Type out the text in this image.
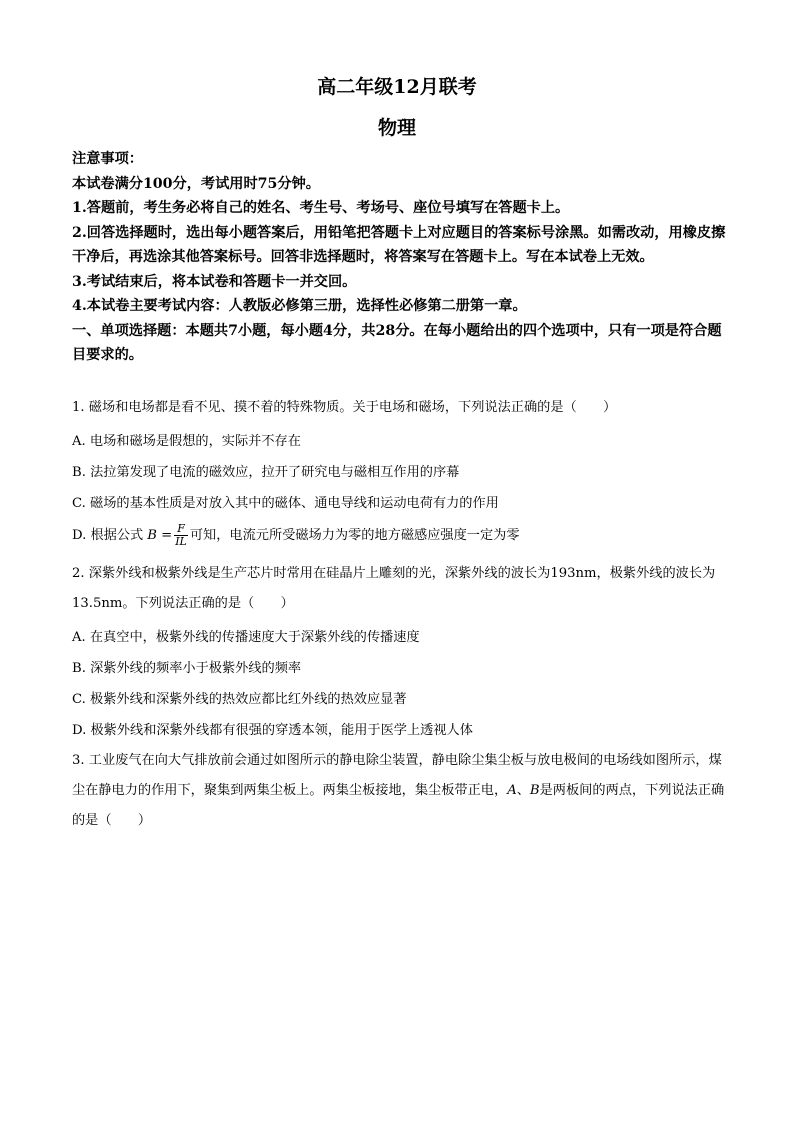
高二年级12月联考
物理

注意事项：

本试卷满分100分，考试用时75分钟。

1.答题前，考生务必将自己的姓名、考生号、考场号、座位号填写在答题卡上。

2.回答选择题时，选出每小题答案后，用铅笔把答题卡上对应题目的答案标号涂黑。如需改动，用橡皮擦干净后，再选涂其他答案标号。回答非选择题时，将答案写在答题卡上。写在本试卷上无效。

3.考试结束后，将本试卷和答题卡一并交回。

4.本试卷主要考试内容：人教版必修第三册，选择性必修第二册第一章。

一、单项选择题：本题共7小题，每小题4分，共28分。在每小题给出的四个选项中，只有一项是符合题目要求的。

1. 磁场和电场都是看不见、摸不着的特殊物质。关于电场和磁场，下列说法正确的是（　　）

A. 电场和磁场是假想的，实际并不存在
B. 法拉第发现了电流的磁效应，拉开了研究电与磁相互作用的序幕
C. 磁场的基本性质是对放入其中的磁体、通电导线和运动电荷有力的作用
D. 根据公式 $B = \frac{F}{IL}$ 可知，电流元所受磁场力为零的地方磁感应强度一定为零

2. 深紫外线和极紫外线是生产芯片时常用在硅晶片上雕刻的光，深紫外线的波长为193nm，极紫外线的波长为13.5nm。下列说法正确的是（　　）

A. 在真空中，极紫外线的传播速度大于深紫外线的传播速度
B. 深紫外线的频率小于极紫外线的频率
C. 极紫外线和深紫外线的热效应都比红外线的热效应显著
D. 极紫外线和深紫外线都有很强的穿透本领，能用于医学上透视人体

3. 工业废气在向大气排放前会通过如图所示的静电除尘装置，静电除尘集尘板与放电极间的电场线如图所示，煤尘在静电力的作用下，聚集到两集尘板上。两集尘板接地，集尘板带正电，A、B是两板间的两点，下列说法正确的是（　　）
